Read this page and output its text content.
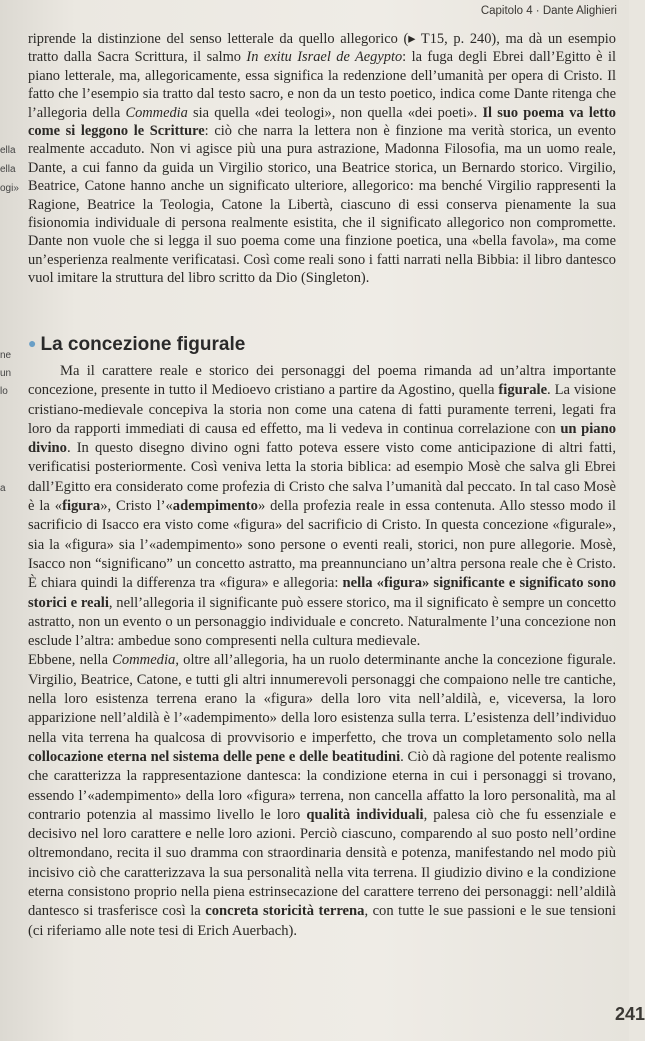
Capitolo 4 · Dante Alighieri
ella
ella
ogi»
ne
un
lo
a

riprende la distinzione del senso letterale da quello allegorico (▸ T15, p. 240), ma dà un esempio tratto dalla Sacra Scrittura, il salmo In exitu Israel de Aegypto: la fuga degli Ebrei dall’Egitto è il piano letterale, ma, allegoricamente, essa significa la redenzione dell’umanità per opera di Cristo. Il fatto che l’esempio sia tratto dal testo sacro, e non da un testo poetico, indica come Dante ritenga che l’allegoria della Commedia sia quella «dei teologi», non quella «dei poeti». Il suo poema va letto come si leggono le Scritture: ciò che narra la lettera non è finzione ma verità storica, un evento realmente accaduto. Non vi agisce più una pura astrazione, Madonna Filosofia, ma un uomo reale, Dante, a cui fanno da guida un Virgilio storico, una Beatrice storica, un Bernardo storico. Virgilio, Beatrice, Catone hanno anche un significato ulteriore, allegorico: ma benché Virgilio rappresenti la Ragione, Beatrice la Teologia, Catone la Libertà, ciascuno di essi conserva pienamente la sua fisionomia individuale di persona realmente esistita, che il significato allegorico non compromette. Dante non vuole che si legga il suo poema come una finzione poetica, una «bella favola», ma come un’esperienza realmente verificatasi. Così come reali sono i fatti narrati nella Bibbia: il libro dantesco vuol imitare la struttura del libro scritto da Dio (Singleton).

● La concezione figurale

Ma il carattere reale e storico dei personaggi del poema rimanda ad un’altra importante concezione, presente in tutto il Medioevo cristiano a partire da Agostino, quella figurale. La visione cristiano-medievale concepiva la storia non come una catena di fatti puramente terreni, legati fra loro da rapporti immediati di causa ed effetto, ma li vedeva in continua correlazione con un piano divino. In questo disegno divino ogni fatto poteva essere visto come anticipazione di altri fatti, verificatisi posteriormente. Così veniva letta la storia biblica: ad esempio Mosè che salva gli Ebrei dall’Egitto era considerato come profezia di Cristo che salva l’umanità dal peccato. In tal caso Mosè è la «figura», Cristo l’«adempimento» della profezia reale in essa contenuta. Allo stesso modo il sacrificio di Isacco era visto come «figura» del sacrificio di Cristo. In questa concezione «figurale», sia la «figura» sia l’«adempimento» sono persone o eventi reali, storici, non pure allegorie. Mosè, Isacco non “significano” un concetto astratto, ma preannunciano un’altra persona reale che è Cristo. È chiara quindi la differenza tra «figura» e allegoria: nella «figura» significante e significato sono storici e reali, nell’allegoria il significante può essere storico, ma il significato è sempre un concetto astratto, non un evento o un personaggio individuale e concreto. Naturalmente l’una concezione non esclude l’altra: ambedue sono compresenti nella cultura medievale.

Ebbene, nella Commedia, oltre all’allegoria, ha un ruolo determinante anche la concezione figurale. Virgilio, Beatrice, Catone, e tutti gli altri innumerevoli personaggi che compaiono nelle tre cantiche, nella loro esistenza terrena erano la «figura» della loro vita nell’aldilà, e, viceversa, la loro apparizione nell’aldilà è l’«adempimento» della loro esistenza sulla terra. L’esistenza dell’individuo nella vita terrena ha qualcosa di provvisorio e imperfetto, che trova un completamento solo nella collocazione eterna nel sistema delle pene e delle beatitudini. Ciò dà ragione del potente realismo che caratterizza la rappresentazione dantesca: la condizione eterna in cui i personaggi si trovano, essendo l’«adempimento» della loro «figura» terrena, non cancella affatto la loro personalità, ma al contrario potenzia al massimo livello le loro qualità individuali, palesa ciò che fu essenziale e decisivo nel loro carattere e nelle loro azioni. Perciò ciascuno, comparendo al suo posto nell’ordine oltremondano, recita il suo dramma con straordinaria densità e potenza, manifestando nel modo più incisivo ciò che caratterizzava la sua personalità nella vita terrena. Il giudizio divino e la condizione eterna consistono proprio nella piena estrinsecazione del carattere terreno dei personaggi: nell’aldilà dantesco si trasferisce così la concreta storicità terrena, con tutte le sue passioni e le sue tensioni (ci riferiamo alle note tesi di Erich Auerbach).

241
